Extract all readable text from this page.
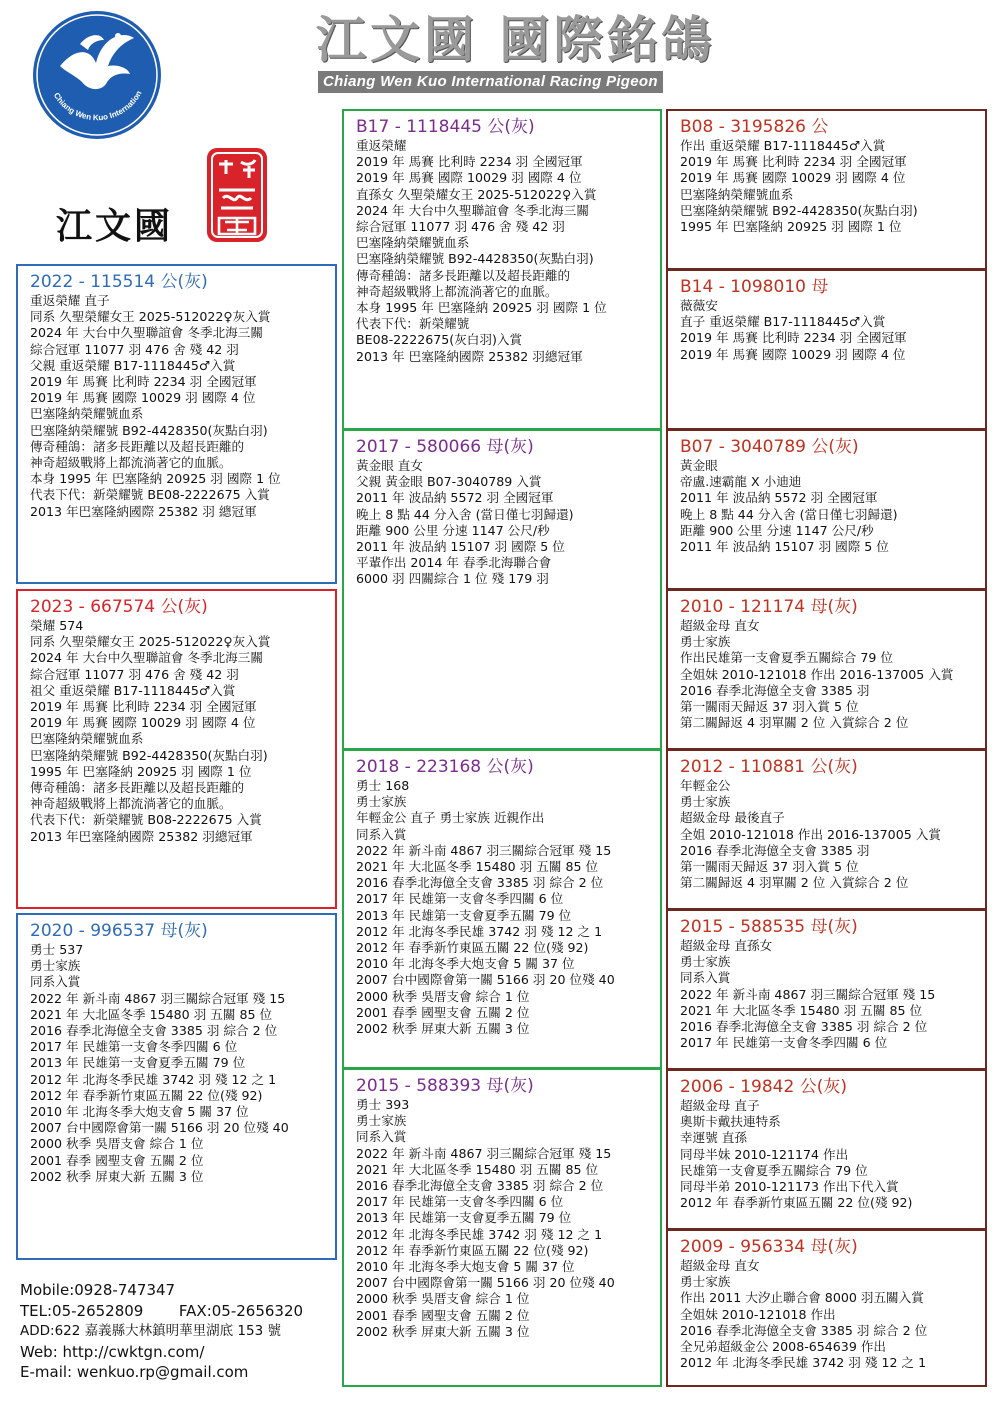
Chiang Wen Kuo Internation
江文國 國際銘鴿
Chiang Wen Kuo International Racing Pigeon
江文國
2022 - 115514 公(灰)
重返榮耀 直子
同系 久聖榮耀女王 2025-512022♀灰入賞
2024 年 大台中久聖聯誼會 冬季北海三關
綜合冠軍 11077 羽 476 舍 殘 42 羽
父親 重返榮耀 B17-1118445♂入賞
2019 年 馬賽 比利時 2234 羽 全國冠軍
2019 年 馬賽 國際 10029 羽 國際 4 位
巴塞隆納榮耀號血系
巴塞隆納榮耀號 B92-4428350(灰點白羽)
傳奇種鴿：諸多長距離以及超長距離的
神奇超級戰將上都流淌著它的血脈。
本身 1995 年 巴塞隆納 20925 羽 國際 1 位
代表下代：新榮耀號 BE08-2222675 入賞
2013 年巴塞隆納國際 25382 羽 總冠軍
2023 - 667574 公(灰)
榮耀 574
同系 久聖榮耀女王 2025-512022♀灰入賞
2024 年 大台中久聖聯誼會 冬季北海三關
綜合冠軍 11077 羽 476 舍 殘 42 羽
祖父 重返榮耀 B17-1118445♂入賞
2019 年 馬賽 比利時 2234 羽 全國冠軍
2019 年 馬賽 國際 10029 羽 國際 4 位
巴塞隆納榮耀號血系
巴塞隆納榮耀號 B92-4428350(灰點白羽)
1995 年 巴塞隆納 20925 羽 國際 1 位
傳奇種鴿：諸多長距離以及超長距離的
神奇超級戰將上都流淌著它的血脈。
代表下代：新榮耀號 B08-2222675 入賞
2013 年巴塞隆納國際 25382 羽總冠軍
2020 - 996537 母(灰)
勇士 537
勇士家族
同系入賞
2022 年 新斗南 4867 羽三關綜合冠軍 殘 15
2021 年 大北區冬季 15480 羽 五關 85 位
2016 春季北海億全支會 3385 羽 綜合 2 位
2017 年 民雄第一支會冬季四關 6 位
2013 年 民雄第一支會夏季五關 79 位
2012 年 北海冬季民雄 3742 羽 殘 12 之 1
2012 年 春季新竹東區五關 22 位(殘 92)
2010 年 北海冬季大炮支會 5 關 37 位
2007 台中國際會第一關 5166 羽 20 位殘 40
2000 秋季 吳厝支會 綜合 1 位
2001 春季 國聖支會 五關 2 位
2002 秋季 屏東大新 五關 3 位
Mobile:0928-747347
TEL:05-2652809 FAX:05-2656320
ADD:622 嘉義縣大林鎮明華里湖底 153 號
Web: http://cwktgn.com/
E-mail: wenkuo.rp@gmail.com
B17 - 1118445 公(灰)
重返榮耀
2019 年 馬賽 比利時 2234 羽 全國冠軍
2019 年 馬賽 國際 10029 羽 國際 4 位
直孫女 久聖榮耀女王 2025-512022♀入賞
2024 年 大台中久聖聯誼會 冬季北海三關
綜合冠軍 11077 羽 476 舍 殘 42 羽
巴塞隆納榮耀號血系
巴塞隆納榮耀號 B92-4428350(灰點白羽)
傳奇種鴿：諸多長距離以及超長距離的
神奇超級戰將上都流淌著它的血脈。
本身 1995 年 巴塞隆納 20925 羽 國際 1 位
代表下代：新榮耀號
BE08-2222675(灰白羽)入賞
2013 年 巴塞隆納國際 25382 羽總冠軍
2017 - 580066 母(灰)
黃金眼 直女
父親 黃金眼 B07-3040789 入賞
2011 年 波品納 5572 羽 全國冠軍
晚上 8 點 44 分入舍 (當日僅七羽歸還)
距離 900 公里 分速 1147 公尺/秒
2011 年 波品納 15107 羽 國際 5 位
平輩作出 2014 年 春季北海聯合會
6000 羽 四關綜合 1 位 殘 179 羽
2018 - 223168 公(灰)
勇士 168
勇士家族
年輕金公 直子 勇士家族 近親作出
同系入賞
2022 年 新斗南 4867 羽三關綜合冠軍 殘 15
2021 年 大北區冬季 15480 羽 五關 85 位
2016 春季北海億全支會 3385 羽 綜合 2 位
2017 年 民雄第一支會冬季四關 6 位
2013 年 民雄第一支會夏季五關 79 位
2012 年 北海冬季民雄 3742 羽 殘 12 之 1
2012 年 春季新竹東區五關 22 位(殘 92)
2010 年 北海冬季大炮支會 5 關 37 位
2007 台中國際會第一關 5166 羽 20 位殘 40
2000 秋季 吳厝支會 綜合 1 位
2001 春季 國聖支會 五關 2 位
2002 秋季 屏東大新 五關 3 位
2015 - 588393 母(灰)
勇士 393
勇士家族
同系入賞
2022 年 新斗南 4867 羽三關綜合冠軍 殘 15
2021 年 大北區冬季 15480 羽 五關 85 位
2016 春季北海億全支會 3385 羽 綜合 2 位
2017 年 民雄第一支會冬季四關 6 位
2013 年 民雄第一支會夏季五關 79 位
2012 年 北海冬季民雄 3742 羽 殘 12 之 1
2012 年 春季新竹東區五關 22 位(殘 92)
2010 年 北海冬季大炮支會 5 關 37 位
2007 台中國際會第一關 5166 羽 20 位殘 40
2000 秋季 吳厝支會 綜合 1 位
2001 春季 國聖支會 五關 2 位
2002 秋季 屏東大新 五關 3 位
B08 - 3195826 公
作出 重返榮耀 B17-1118445♂入賞
2019 年 馬賽 比利時 2234 羽 全國冠軍
2019 年 馬賽 國際 10029 羽 國際 4 位
巴塞隆納榮耀號血系
巴塞隆納榮耀號 B92-4428350(灰點白羽)
1995 年 巴塞隆納 20925 羽 國際 1 位
B14 - 1098010 母
薇薇安
直子 重返榮耀 B17-1118445♂入賞
2019 年 馬賽 比利時 2234 羽 全國冠軍
2019 年 馬賽 國際 10029 羽 國際 4 位
B07 - 3040789 公(灰)
黃金眼
帝盧.速霸龍 X 小迪迪
2011 年 波品納 5572 羽 全國冠軍
晚上 8 點 44 分入舍 (當日僅七羽歸還)
距離 900 公里 分速 1147 公尺/秒
2011 年 波品納 15107 羽 國際 5 位
2010 - 121174 母(灰)
超級金母 直女
勇士家族
作出民雄第一支會夏季五關綜合 79 位
全姐妹 2010-121018 作出 2016-137005 入賞
2016 春季北海億全支會 3385 羽
第一關雨天歸返 37 羽入賞 5 位
第二關歸返 4 羽單關 2 位 入賞綜合 2 位
2012 - 110881 公(灰)
年輕金公
勇士家族
超級金母 最後直子
全姐 2010-121018 作出 2016-137005 入賞
2016 春季北海億全支會 3385 羽
第一關雨天歸返 37 羽入賞 5 位
第二關歸返 4 羽單關 2 位 入賞綜合 2 位
2015 - 588535 母(灰)
超級金母 直孫女
勇士家族
同系入賞
2022 年 新斗南 4867 羽三關綜合冠軍 殘 15
2021 年 大北區冬季 15480 羽 五關 85 位
2016 春季北海億全支會 3385 羽 綜合 2 位
2017 年 民雄第一支會冬季四關 6 位
2006 - 19842 公(灰)
超級金母 直子
奧斯卡戴扶連特系
幸運號 直孫
同母半妹 2010-121174 作出
民雄第一支會夏季五關綜合 79 位
同母半弟 2010-121173 作出下代入賞
2012 年 春季新竹東區五關 22 位(殘 92)
2009 - 956334 母(灰)
超級金母 直女
勇士家族
作出 2011 大汐止聯合會 8000 羽五關入賞
全姐妹 2010-121018 作出
2016 春季北海億全支會 3385 羽 綜合 2 位
全兄弟超級金公 2008-654639 作出
2012 年 北海冬季民雄 3742 羽 殘 12 之 1
